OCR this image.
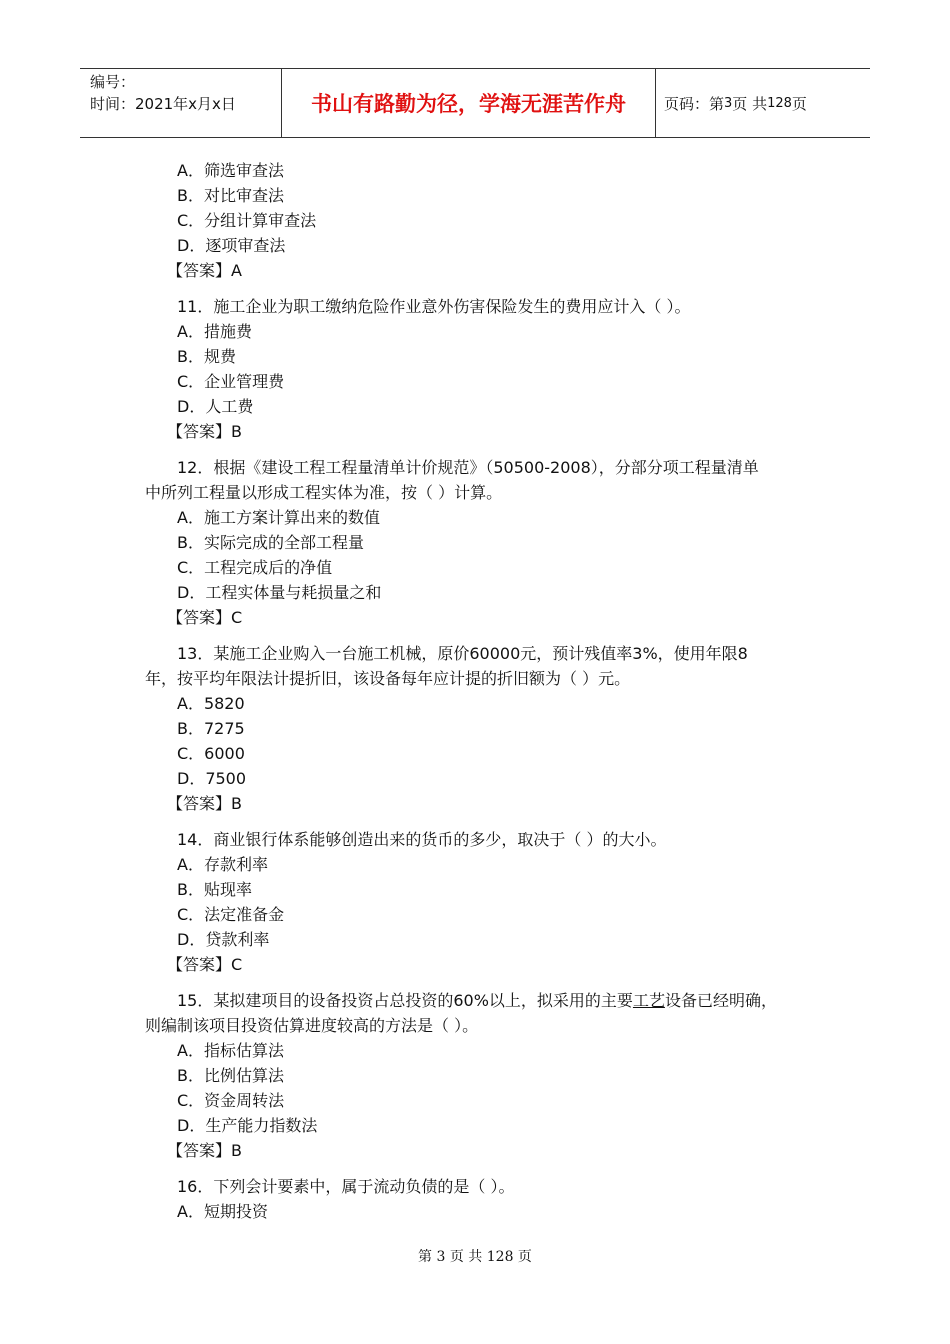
编号：
时间：2021年x月x日	书山有路勤为径，学海无涯苦作舟	页码：第 3 页 共 128 页
A．筛选审查法
B．对比审查法
C．分组计算审查法
D．逐项审查法
【答案】A
11．施工企业为职工缴纳危险作业意外伤害保险发生的费用应计入（ ）。
A．措施费
B．规费
C．企业管理费
D．人工费
【答案】B
12．根据《建设工程工程量清单计价规范》（50500-2008），分部分项工程量清单
中所列工程量以形成工程实体为准，按（ ）计算。
A．施工方案计算出来的数值
B．实际完成的全部工程量
C．工程完成后的净值
D．工程实体量与耗损量之和
【答案】C
13．某施工企业购入一台施工机械，原价60000元，预计残值率3%，使用年限8
年，按平均年限法计提折旧，该设备每年应计提的折旧额为（ ）元。
A．5820
B．7275
C．6000
D．7500
【答案】B
14．商业银行体系能够创造出来的货币的多少，取决于（ ）的大小。
A．存款利率
B．贴现率
C．法定准备金
D．贷款利率
【答案】C
15．某拟建项目的设备投资占总投资的60%以上，拟采用的主要工艺设备已经明确，
则编制该项目投资估算进度较高的方法是（ ）。
A．指标估算法
B．比例估算法
C．资金周转法
D．生产能力指数法
【答案】B
16．下列会计要素中，属于流动负债的是（ ）。
A．短期投资
第 3 页 共 128 页
